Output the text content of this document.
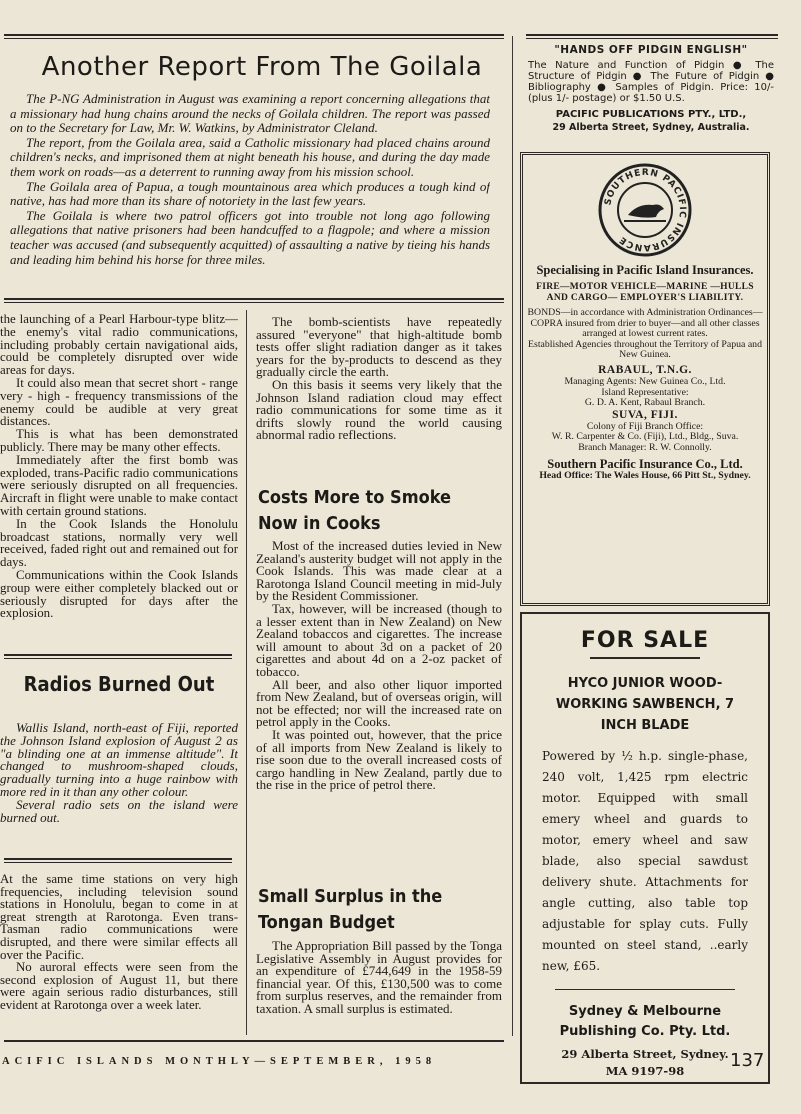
Another Report From The Goilala

The P-NG Administration in August was examining a report concerning allegations that a missionary had hung chains around the necks of Goilala children. The report was passed on to the Secretary for Law, Mr. W. Watkins, by Administrator Cleland.

The report, from the Goilala area, said a Catholic missionary had placed chains around children's necks, and imprisoned them at night beneath his house, and during the day made them work on roads—as a deterrent to running away from his mission school.

The Goilala area of Papua, a tough mountainous area which produces a tough kind of native, has had more than its share of notoriety in the last few years.

The Goilala is where two patrol officers got into trouble not long ago following allegations that native prisoners had been handcuffed to a flagpole; and where a mission teacher was accused (and subsequently acquitted) of assaulting a native by tieing his hands and leading him behind his horse for three miles.

the launching of a Pearl Harbour-type blitz—the enemy's vital radio communications, including probably certain navigational aids, could be completely disrupted over wide areas for days.

It could also mean that secret short - range very - high - frequency transmissions of the enemy could be audible at very great distances.

This is what has been demonstrated publicly. There may be many other effects.

Immediately after the first bomb was exploded, trans-Pacific radio communications were seriously disrupted on all frequencies. Aircraft in flight were unable to make contact with certain ground stations.

In the Cook Islands the Honolulu broadcast stations, normally very well received, faded right out and remained out for days.

Communications within the Cook Islands group were either completely blacked out or seriously disrupted for days after the explosion.

Radios Burned Out

Wallis Island, north-east of Fiji, reported the Johnson Island explosion of August 2 as "a blinding one at an immense altitude". It changed to mushroom-shaped clouds, gradually turning into a huge rainbow with more red in it than any other colour.

Several radio sets on the island were burned out.

At the same time stations on very high frequencies, including television sound stations in Honolulu, began to come in at great strength at Rarotonga. Even trans-Tasman radio communications were disrupted, and there were similar effects all over the Pacific.

No auroral effects were seen from the second explosion of August 11, but there were again serious radio disturbances, still evident at Rarotonga over a week later.

The bomb-scientists have repeatedly assured "everyone" that high-altitude bomb tests offer slight radiation danger as it takes years for the by-products to descend as they gradually circle the earth.

On this basis it seems very likely that the Johnson Island radiation cloud may effect radio communications for some time as it drifts slowly round the world causing abnormal radio reflections.

Costs More to Smoke Now in Cooks

Most of the increased duties levied in New Zealand's austerity budget will not apply in the Cook Islands. This was made clear at a Rarotonga Island Council meeting in mid-July by the Resident Commissioner.

Tax, however, will be increased (though to a lesser extent than in New Zealand) on New Zealand tobaccos and cigarettes. The increase will amount to about 3d on a packet of 20 cigarettes and about 4d on a 2-oz packet of tobacco.

All beer, and also other liquor imported from New Zealand, but of overseas origin, will not be effected; nor will the increased rate on petrol apply in the Cooks.

It was pointed out, however, that the price of all imports from New Zealand is likely to rise soon due to the overall increased costs of cargo handling in New Zealand, partly due to the rise in the price of petrol there.

Small Surplus in the Tongan Budget

The Appropriation Bill passed by the Tonga Legislative Assembly in August provides for an expenditure of £744,649 in the 1958-59 financial year. Of this, £130,500 was to come from surplus reserves, and the remainder from taxation. A small surplus is estimated.

"HANDS OFF PIDGIN ENGLISH"
The Nature and Function of Pidgin ● The Structure of Pidgin ● The Future of Pidgin ● Bibliography ● Samples of Pidgin. Price: 10/- (plus 1/- postage) or $1.50 U.S.
PACIFIC PUBLICATIONS PTY., LTD.,
29 Alberta Street, Sydney, Australia.
SOUTHERN PACIFIC INSURANCE
Specialising in Pacific Island Insurances.
FIRE—MOTOR VEHICLE—MARINE —HULLS AND CARGO— EMPLOYER'S LIABILITY.
BONDS—in accordance with Administration Ordinances—COPRA insured from drier to buyer—and all other classes arranged at lowest current rates.
Established Agencies throughout the Territory of Papua and New Guinea.
RABAUL, T.N.G.
Managing Agents: New Guinea Co., Ltd.
Island Representative:
G. D. A. Kent, Rabaul Branch.
SUVA, FIJI.
Colony of Fiji Branch Office:
W. R. Carpenter & Co. (Fiji), Ltd., Bldg., Suva.
Branch Manager: R. W. Connolly.
Southern Pacific Insurance Co., Ltd.
Head Office: The Wales House, 66 Pitt St., Sydney.
FOR SALE
HYCO JUNIOR WOOD-WORKING SAWBENCH, 7 INCH BLADE
Powered by ½ h.p. single-phase, 240 volt, 1,425 rpm electric motor. Equipped with small emery wheel and guards to motor, emery wheel and saw blade, also special sawdust delivery shute. Attachments for angle cutting, also table top adjustable for splay cuts. Fully mounted on steel stand, ..early new, £65.
Sydney & Melbourne Publishing Co. Pty. Ltd.
29 Alberta Street, Sydney.
MA 9197-98
ACIFIC ISLANDS MONTHLY—SEPTEMBER, 1958	137
